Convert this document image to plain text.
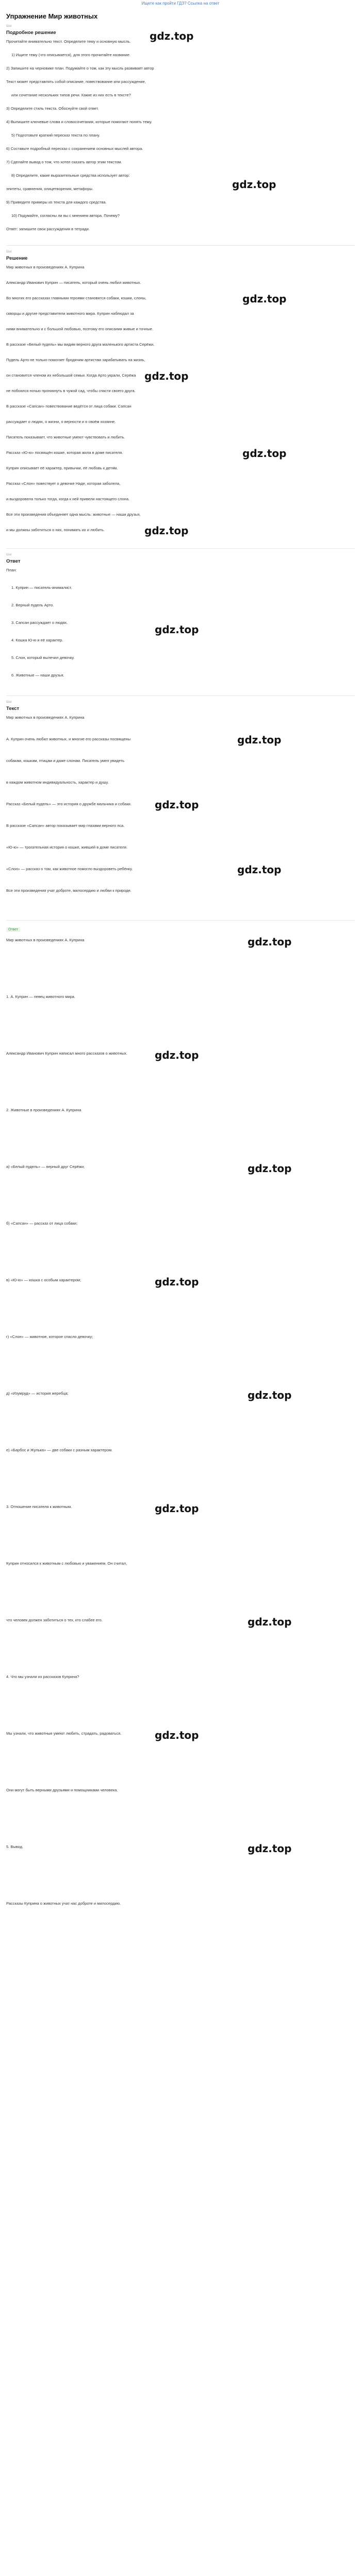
Ищете как пройти ГДЗ? Ссылка на ответ
Упражнение Мир животных
Шаг
Подробное решение	gdz.top
Прочитайте внимательно текст. Определите тему и основную мысль.
1) Ищите тему (что описывается), для этого прочитайте название.
2) Запишите на черновике план. Подумайте о том, как эту мысль развивает автор
Текст может представлять собой описание, повествование или рассуждение,
или сочетание нескольких типов речи. Какие из них есть в тексте?
3) Определите стиль текста. Обоснуйте свой ответ.
4) Выпишите ключевые слова и словосочетания, которые помогают понять тему.
5) Подготовьте краткий пересказ текста по плану.
6) Составьте подробный пересказ с сохранением основных мыслей автора.
7) Сделайте вывод о том, что хотел сказать автор этим текстом.
8) Определите, какие выразительные средства использует автор:
эпитеты, сравнения, олицетворения, метафоры.
9) Приведите примеры из текста для каждого средства.
10) Подумайте, согласны ли вы с мнением автора. Почему?
Ответ: запишите свои рассуждения в тетради.
gdz.top
Шаг
Решение
Мир животных в произведениях А. Куприна
Александр Иванович Куприн — писатель, который очень любил животных.
Во многих его рассказах главными героями становятся собаки, кошки, слоны,	gdz.top
скворцы и другие представители животного мира. Куприн наблюдал за
ними внимательно и с большой любовью, поэтому его описания живые и точные.
В рассказе «Белый пудель» мы видим верного друга маленького артиста Серёжи.
Пудель Арто не только помогает бродячим артистам зарабатывать на жизнь,
он становится членом их небольшой семьи. Когда Арто украли, Серёжа gdz.top
не побоялся ночью проникнуть в чужой сад, чтобы спасти своего друга.
В рассказе «Сапсан» повествование ведётся от лица собаки. Сапсан
рассуждает о людях, о жизни, о верности и о своём хозяине.
Писатель показывает, что животные умеют чувствовать и любить.
Рассказ «Ю-ю» посвящён кошке, которая жила в доме писателя.	gdz.top
Куприн описывает её характер, привычки, её любовь к детям.
Рассказ «Слон» повествует о девочке Наде, которая заболела,
и выздоровела только тогда, когда к ней привели настоящего слона.
Все эти произведения объединяет одна мысль: животные — наши друзья,
и мы должны заботиться о них, понимать их и любить.	gdz.top
Шаг
Ответ
План:
1. Куприн — писатель-анималист.
2. Верный пудель Арто.
3. Сапсан рассуждает о людях.
4. Кошка Ю-ю и её характер.
5. Слон, который вылечил девочку.
6. Животные — наши друзья.
gdz.top
Шаг
Текст
Мир животных в произведениях А. Куприна
А. Куприн очень любил животных, и многие его рассказы посвящены	gdz.top
собакам, кошкам, птицам и даже слонам. Писатель умел увидеть
в каждом животном индивидуальность, характер и душу.
Рассказ «Белый пудель» — это история о дружбе мальчика и собаки. gdz.top
В рассказе «Сапсан» автор показывает мир глазами верного пса.
«Ю-ю» — трогательная история о кошке, жившей в доме писателя.
«Слон» — рассказ о том, как животное помогло выздороветь ребёнку.	gdz.top
Все эти произведения учат доброте, милосердию и любви к природе.
Ответ
Мир животных в произведениях А. Куприна	gdz.top
1. А. Куприн — певец животного мира.
Александр Иванович Куприн написал много рассказов о животных.	gdz.top
2. Животные в произведениях А. Куприна
а) «Белый пудель» — верный друг Серёжи;	gdz.top
б) «Сапсан» — рассказ от лица собаки;
в) «Ю-ю» — кошка с особым характером;	gdz.top
г) «Слон» — животное, которое спасло девочку;
д) «Изумруд» — история жеребца;	gdz.top
е) «Барбос и Жулька» — две собаки с разным характером.
3. Отношение писателя к животным.	gdz.top
Куприн относился к животным с любовью и уважением. Он считал,
что человек должен заботиться о тех, кто слабее его.	gdz.top
4. Что мы узнали из рассказов Куприна?
Мы узнали, что животные умеют любить, страдать, радоваться.	gdz.top
Они могут быть верными друзьями и помощниками человека.
5. Вывод.	gdz.top
Рассказы Куприна о животных учат нас доброте и милосердию.
